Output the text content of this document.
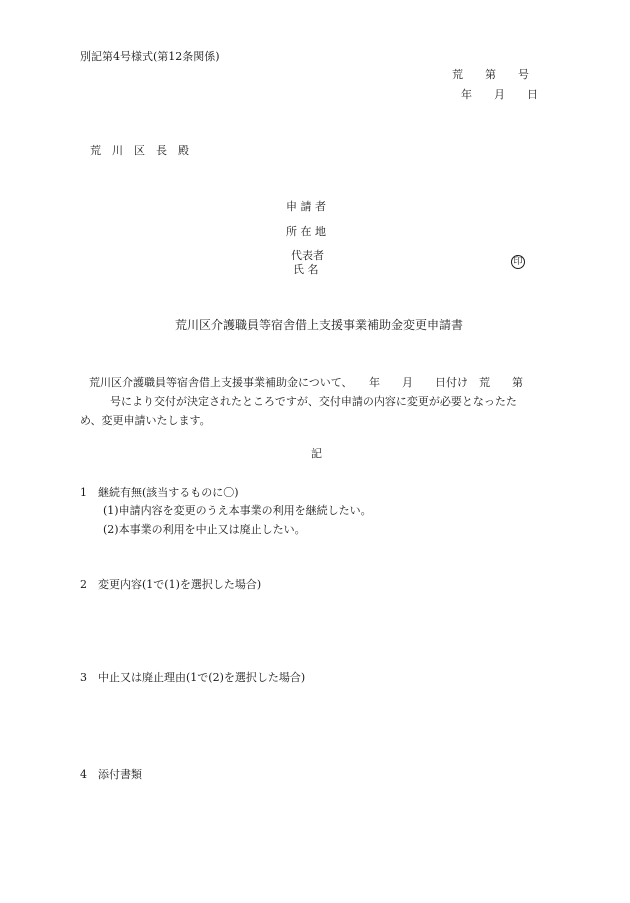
別記第4号様式(第12条関係)
荒　　第　　号
年　　月　　日
荒　川　区　長　殿
申 請 者
所 在 地
代表者
氏 名
印
荒川区介護職員等宿舎借上支援事業補助金変更申請書
荒川区介護職員等宿舎借上支援事業補助金について、　　年　　月　　日付け　荒　　第
号により交付が決定されたところですが、交付申請の内容に変更が必要となったた
め、変更申請いたします。
記
1　継続有無(該当するものに〇)
(1)申請内容を変更のうえ本事業の利用を継続したい。
(2)本事業の利用を中止又は廃止したい。
2　変更内容(1で(1)を選択した場合)
3　中止又は廃止理由(1で(2)を選択した場合)
4　添付書類
